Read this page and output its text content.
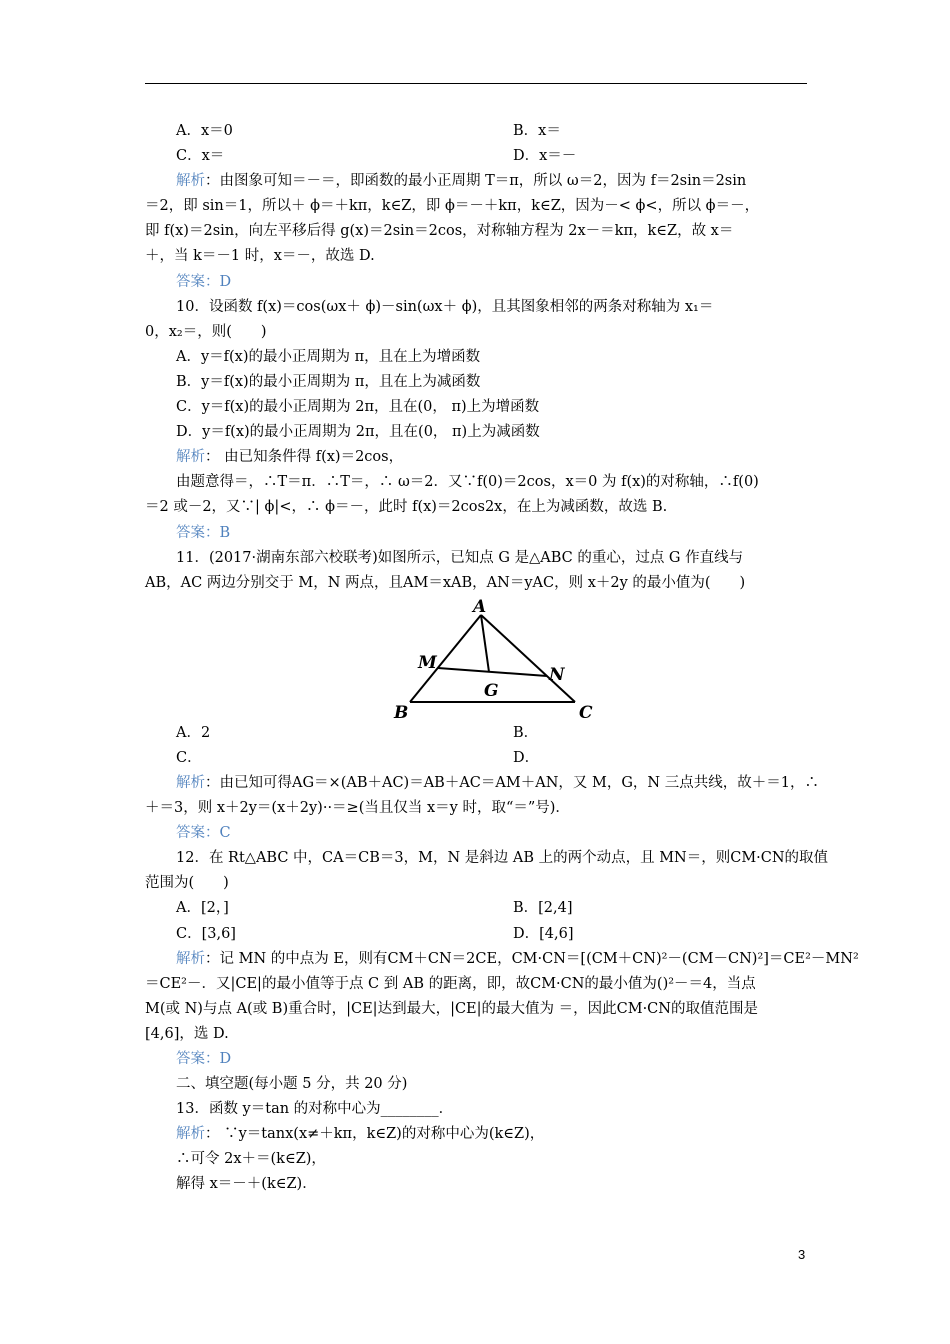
A．x＝0	B．x＝
C．x＝	D．x＝－
解析：由图象可知＝－＝，即函数的最小正周期 T＝π，所以 ω＝2，因为 f＝2sin＝2sin
＝2，即 sin＝1，所以＋ ϕ＝＋kπ，k∈Z，即 ϕ＝－＋kπ，k∈Z，因为－< ϕ<，所以 ϕ＝－，
即 f(x)＝2sin，向左平移后得 g(x)＝2sin＝2cos，对称轴方程为 2x－＝kπ，k∈Z，故 x＝
＋，当 k＝－1 时，x＝－，故选 D.
答案：D
10．设函数 f(x)＝cos(ωx＋ ϕ)－sin(ωx＋ ϕ)，且其图象相邻的两条对称轴为 x₁＝
0，x₂＝，则(　　)
A．y＝f(x)的最小正周期为 π，且在上为增函数
B．y＝f(x)的最小正周期为 π，且在上为减函数
C．y＝f(x)的最小正周期为 2π，且在(0， π)上为增函数
D．y＝f(x)的最小正周期为 2π，且在(0， π)上为减函数
解析： 由已知条件得 f(x)＝2cos，
由题意得＝，∴T＝π．∴T＝，∴ ω＝2．又∵f(0)＝2cos，x＝0 为 f(x)的对称轴，∴f(0)
＝2 或－2，又∵| ϕ|<，∴ ϕ＝－，此时 f(x)＝2cos2x，在上为减函数，故选 B.
答案：B
11．(2017·湖南东部六校联考)如图所示，已知点 G 是△ABC 的重心，过点 G 作直线与
AB，AC 两边分别交于 M，N 两点，且AM＝xAB，AN＝yAC，则 x＋2y 的最小值为(　　)
A
B	C
M
N
G
A．2	B．
C．	D．
解析：由已知可得AG＝×(AB＋AC)＝AB＋AC＝AM＋AN，又 M，G，N 三点共线，故＋＝1，∴
＋＝3，则 x＋2y＝(x＋2y)··＝≥(当且仅当 x＝y 时，取“＝”号)．
答案：C
12．在 Rt△ABC 中，CA＝CB＝3，M，N 是斜边 AB 上的两个动点，且 MN＝，则CM·CN的取值
范围为(　　)
A．[2，]	B．[2,4]
C．[3,6]	D．[4,6]
解析：记 MN 的中点为 E，则有CM＋CN＝2CE，CM·CN＝[(CM＋CN)²－(CM－CN)²]＝CE²－MN²
＝CE²－．又|CE|的最小值等于点 C 到 AB 的距离，即，故CM·CN的最小值为()²－＝4，当点
M(或 N)与点 A(或 B)重合时，|CE|达到最大，|CE|的最大值为 ＝，因此CM·CN的取值范围是
[4,6]，选 D.
答案：D
二、填空题(每小题 5 分，共 20 分)
13．函数 y＝tan 的对称中心为________．
解析： ∵y＝tanx(x≠＋kπ，k∈Z)的对称中心为(k∈Z)，
∴可令 2x＋＝(k∈Z)，
解得 x＝－＋(k∈Z)．
3
